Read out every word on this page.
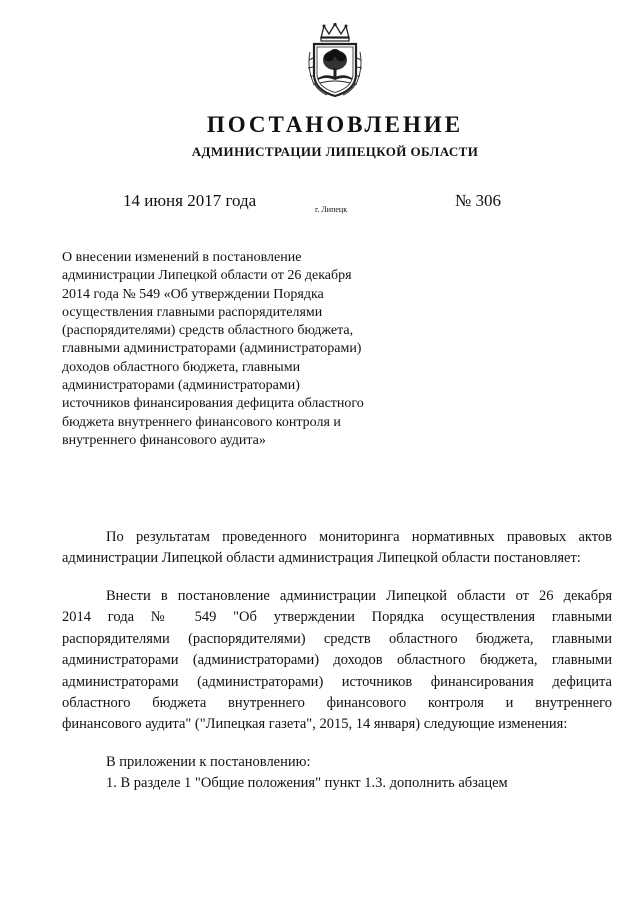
ПОСТАНОВЛЕНИЕ
АДМИНИСТРАЦИИ ЛИПЕЦКОЙ ОБЛАСТИ
14 июня 2017 года	г. Липецк	№ 306
О внесении изменений в постановление
администрации Липецкой области от 26 декабря
2014 года № 549 «Об утверждении Порядка
осуществления главными распорядителями
(распорядителями) средств областного бюджета,
главными администраторами (администраторами)
доходов областного бюджета, главными
администраторами (администраторами)
источников финансирования дефицита областного
бюджета внутреннего финансового контроля и
внутреннего финансового аудита»
По результатам проведенного мониторинга нормативных правовых актов
администрации Липецкой области администрация Липецкой области постановляет:
Внести в постановление администрации Липецкой области от 26 декабря
2014 года № 549 "Об утверждении Порядка осуществления главными
распорядителями (распорядителями) средств областного бюджета, главными
администраторами (администраторами) доходов областного бюджета, главными
администраторами (администраторами) источников финансирования дефицита
областного бюджета внутреннего финансового контроля и внутреннего
финансового аудита" ("Липецкая газета", 2015, 14 января) следующие изменения:
В приложении к постановлению:
1. В разделе 1 "Общие положения" пункт 1.3. дополнить абзацем
